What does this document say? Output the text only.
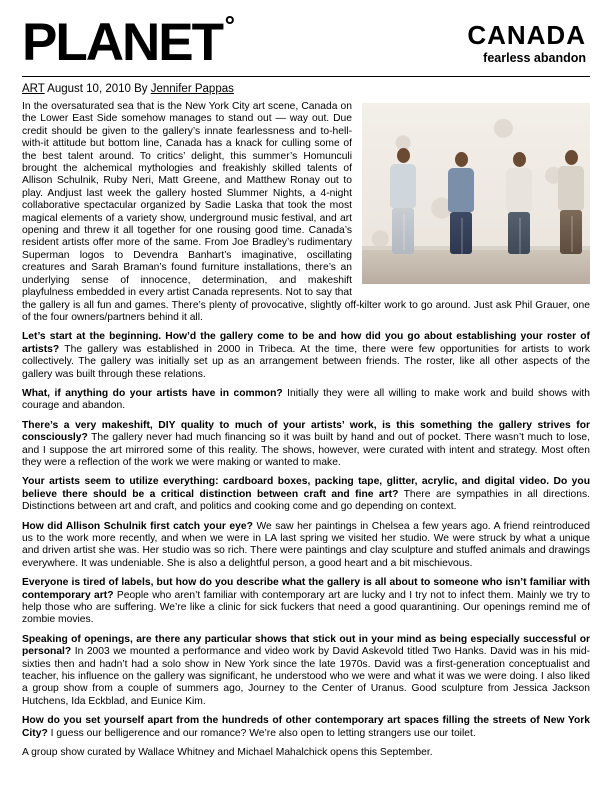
PLANET °	CANADA
fearless abandon
ART August 10, 2010 By Jennifer Pappas

In the oversaturated sea that is the New York City art scene, Canada on the Lower East Side somehow manages to stand out — way out. Due credit should be given to the gallery’s innate fearlessness and to-hell-with-it attitude but bottom line, Canada has a knack for culling some of the best talent around. To critics’ delight, this summer’s Homunculi brought the alchemical mythologies and freakishly skilled talents of Allison Schulnik, Ruby Neri, Matt Greene, and Matthew Ronay out to play. Andjust last week the gallery hosted Slummer Nights, a 4-night collaborative spectacular organized by Sadie Laska that took the most magical elements of a variety show, underground music festival, and art opening and threw it all together for one rousing good time. Canada’s resident artists offer more of the same. From Joe Bradley’s rudimentary Superman logos to Devendra Banhart’s imaginative, oscillating creatures and Sarah Braman’s found furniture installations, there’s an underlying sense of innocence, determination, and makeshift playfulness embedded in every artist Canada represents. Not to say that the gallery is all fun and games. There’s plenty of provocative, slightly off-kilter work to go around. Just ask Phil Grauer, one of the four owners/partners behind it all.

Let’s start at the beginning. How’d the gallery come to be and how did you go about establishing your roster of artists? The gallery was established in 2000 in Tribeca. At the time, there were few opportunities for artists to work collectively. The gallery was initially set up as an arrangement between friends. The roster, like all other aspects of the gallery was built through these relations.

What, if anything do your artists have in common? Initially they were all willing to make work and build shows with courage and abandon.

There’s a very makeshift, DIY quality to much of your artists’ work, is this something the gallery strives for consciously? The gallery never had much financing so it was built by hand and out of pocket. There wasn’t much to lose, and I suppose the art mirrored some of this reality. The shows, however, were curated with intent and strategy. Most often they were a reflection of the work we were making or wanted to make.

Your artists seem to utilize everything: cardboard boxes, packing tape, glitter, acrylic, and digital video. Do you believe there should be a critical distinction between craft and fine art? There are sympathies in all directions. Distinctions between art and craft, and politics and cooking come and go depending on context.

How did Allison Schulnik first catch your eye? We saw her paintings in Chelsea a few years ago. A friend reintroduced us to the work more recently, and when we were in LA last spring we visited her studio. We were struck by what a unique and driven artist she was. Her studio was so rich. There were paintings and clay sculpture and stuffed animals and drawings everywhere. It was undeniable. She is also a delightful person, a good heart and a bit mischievous.

Everyone is tired of labels, but how do you describe what the gallery is all about to someone who isn’t familiar with contemporary art? People who aren’t familiar with contemporary art are lucky and I try not to infect them. Mainly we try to help those who are suffering. We’re like a clinic for sick fuckers that need a good quarantining. Our openings remind me of zombie movies.

Speaking of openings, are there any particular shows that stick out in your mind as being especially successful or personal? In 2003 we mounted a performance and video work by David Askevold titled Two Hanks. David was in his mid-sixties then and hadn’t had a solo show in New York since the late 1970s. David was a first-generation conceptualist and teacher, his influence on the gallery was significant, he understood who we were and what it was we were doing. I also liked a group show from a couple of summers ago, Journey to the Center of Uranus. Good sculpture from Jessica Jackson Hutchens, Ida Eckblad, and Eunice Kim.

How do you set yourself apart from the hundreds of other contemporary art spaces filling the streets of New York City? I guess our belligerence and our romance? We’re also open to letting strangers use our toilet.

A group show curated by Wallace Whitney and Michael Mahalchick opens this September.
